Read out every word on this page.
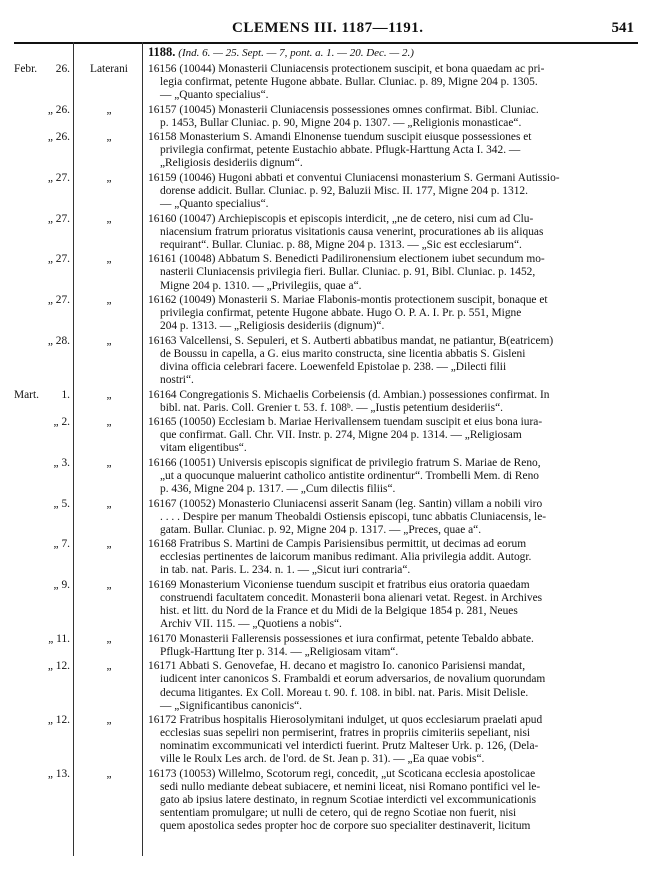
CLEMENS III. 1187—1191.	541
1188. (Ind. 6. — 25. Sept. — 7, pont. a. 1. — 20. Dec. — 2.)
Febr.	26.	Laterani	16156 (10044) Monasterii Cluniacensis protectionem suscipit, et bona quaedam ac pri-
legia confirmat, petente Hugone abbate. Bullar. Cluniac. p. 89, Migne 204 p. 1305.
— „Quanto specialius“.
„ 26.	„	16157 (10045) Monasterii Cluniacensis possessiones omnes confirmat. Bibl. Cluniac.
p. 1453, Bullar Cluniac. p. 90, Migne 204 p. 1307. — „Religionis monasticae“.
„ 26.	„	16158 Monasterium S. Amandi Elnonense tuendum suscipit eiusque possessiones et
privilegia confirmat, petente Eustachio abbate. Pflugk-Harttung Acta I. 342. —
„Religiosis desideriis dignum“.
„ 27.	„	16159 (10046) Hugoni abbati et conventui Cluniacensi monasterium S. Germani Autissio-
dorense addicit. Bullar. Cluniac. p. 92, Baluzii Misc. II. 177, Migne 204 p. 1312.
— „Quanto specialius“.
„ 27.	„	16160 (10047) Archiepiscopis et episcopis interdicit, „ne de cetero, nisi cum ad Clu-
niacensium fratrum prioratus visitationis causa venerint, procurationes ab iis aliquas
requirant“. Bullar. Cluniac. p. 88, Migne 204 p. 1313. — „Sic est ecclesiarum“.
„ 27.	„	16161 (10048) Abbatum S. Benedicti Padilironensium electionem iubet secundum mo-
nasterii Cluniacensis privilegia fieri. Bullar. Cluniac. p. 91, Bibl. Cluniac. p. 1452,
Migne 204 p. 1310. — „Privilegiis, quae a“.
„ 27.	„	16162 (10049) Monasterii S. Mariae Flabonis-montis protectionem suscipit, bonaque et
privilegia confirmat, petente Hugone abbate. Hugo O. P. A. I. Pr. p. 551, Migne
204 p. 1313. — „Religiosis desideriis (dignum)“.
„ 28.	„	16163 Valcellensi, S. Sepuleri, et S. Autberti abbatibus mandat, ne patiantur, B(eatricem)
de Boussu in capella, a G. eius marito constructa, sine licentia abbatis S. Gisleni
divina officia celebrari facere. Loewenfeld Epistolae p. 238. — „Dilecti filii
nostri“.
Mart.	1.	„	16164 Congregationis S. Michaelis Corbeiensis (d. Ambian.) possessiones confirmat. In
bibl. nat. Paris. Coll. Grenier t. 53. f. 108ᵇ. — „Iustis petentium desideriis“.
„ 2.	„	16165 (10050) Ecclesiam b. Mariae Herivallensem tuendam suscipit et eius bona iura-
que confirmat. Gall. Chr. VII. Instr. p. 274, Migne 204 p. 1314. — „Religiosam
vitam eligentibus“.
„ 3.	„	16166 (10051) Universis episcopis significat de privilegio fratrum S. Mariae de Reno,
„ut a quocunque maluerint catholico antistite ordinentur“. Trombelli Mem. di Reno
p. 436, Migne 204 p. 1317. — „Cum dilectis filiis“.
„ 5.	„	16167 (10052) Monasterio Cluniacensi asserit Sanam (leg. Santin) villam a nobili viro
. . . . Despire per manum Theobaldi Ostiensis episcopi, tunc abbatis Cluniacensis, le-
gatam. Bullar. Cluniac. p. 92, Migne 204 p. 1317. — „Preces, quae a“.
„ 7.	„	16168 Fratribus S. Martini de Campis Parisiensibus permittit, ut decimas ad eorum
ecclesias pertinentes de laicorum manibus redimant. Alia privilegia addit. Autogr.
in tab. nat. Paris. L. 234. n. 1. — „Sicut iuri contraria“.
„ 9.	„	16169 Monasterium Viconiense tuendum suscipit et fratribus eius oratoria quaedam
construendi facultatem concedit. Monasterii bona alienari vetat. Regest. in Archives
hist. et litt. du Nord de la France et du Midi de la Belgique 1854 p. 281, Neues
Archiv VII. 115. — „Quotiens a nobis“.
„ 11.	„	16170 Monasterii Fallerensis possessiones et iura confirmat, petente Tebaldo abbate.
Pflugk-Harttung Iter p. 314. — „Religiosam vitam“.
„ 12.	„	16171 Abbati S. Genovefae, H. decano et magistro Io. canonico Parisiensi mandat,
iudicent inter canonicos S. Frambaldi et eorum adversarios, de novalium quorundam
decuma litigantes. Ex Coll. Moreau t. 90. f. 108. in bibl. nat. Paris. Misit Delisle.
— „Significantibus canonicis“.
„ 12.	„	16172 Fratribus hospitalis Hierosolymitani indulget, ut quos ecclesiarum praelati apud
ecclesias suas sepeliri non permiserint, fratres in propriis cimiteriis sepeliant, nisi
nominatim excommunicati vel interdicti fuerint. Prutz Malteser Urk. p. 126, (Dela-
ville le Roulx Les arch. de l'ord. de St. Jean p. 31). — „Ea quae vobis“.
„ 13.	„	16173 (10053) Willelmo, Scotorum regi, concedit, „ut Scoticana ecclesia apostolicae
sedi nullo mediante debeat subiacere, et nemini liceat, nisi Romano pontifici vel le-
gato ab ipsius latere destinato, in regnum Scotiae interdicti vel excommunicationis
sententiam promulgare; ut nulli de cetero, qui de regno Scotiae non fuerit, nisi
quem apostolica sedes propter hoc de corpore suo specialiter destinaverit, licitum
